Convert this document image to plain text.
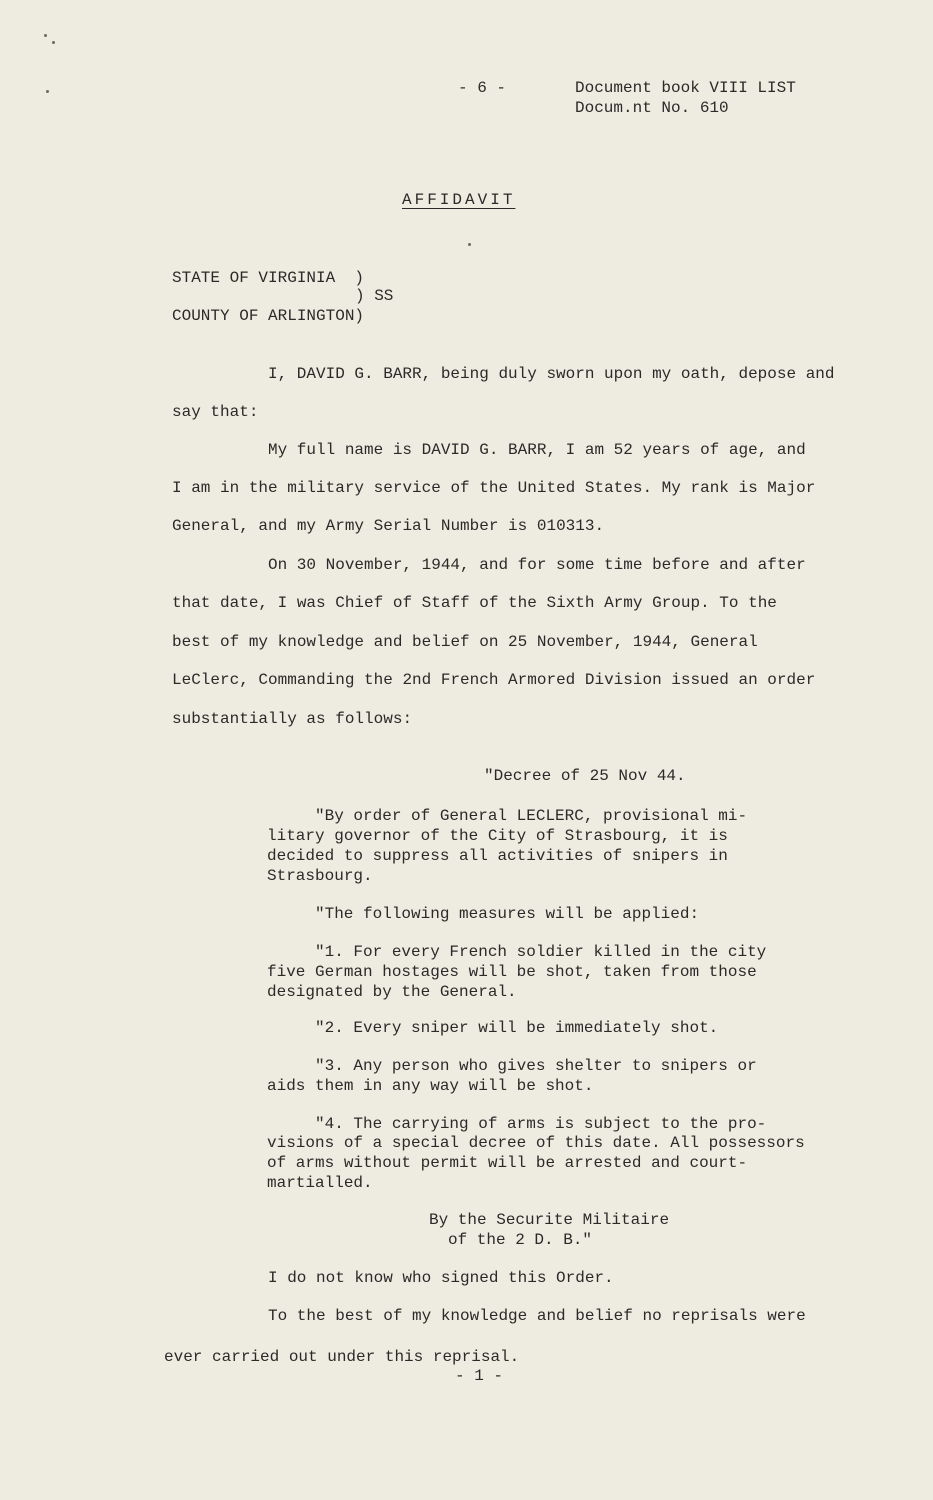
- 6 -	Document book VIII LIST
Docum.nt No. 610
AFFIDAVIT
STATE OF VIRGINIA  )
) SS
COUNTY OF ARLINGTON)
I, DAVID G. BARR, being duly sworn upon my oath, depose and
say that:
My full name is DAVID G. BARR, I am 52 years of age, and
I am in the military service of the United States. My rank is Major
General, and my Army Serial Number is 010313.
On 30 November, 1944, and for some time before and after
that date, I was Chief of Staff of the Sixth Army Group. To the
best of my knowledge and belief on 25 November, 1944, General
LeClerc, Commanding the 2nd French Armored Division issued an order
substantially as follows:
"Decree of 25 Nov 44.
"By order of General LECLERC, provisional mi-
litary governor of the City of Strasbourg, it is
decided to suppress all activities of snipers in
Strasbourg.
"The following measures will be applied:
"1. For every French soldier killed in the city
five German hostages will be shot, taken from those
designated by the General.
"2. Every sniper will be immediately shot.
"3. Any person who gives shelter to snipers or
aids them in any way will be shot.
"4. The carrying of arms is subject to the pro-
visions of a special decree of this date. All possessors
of arms without permit will be arrested and court-
martialled.
By the Securite Militaire
of the 2 D. B."
I do not know who signed this Order.
To the best of my knowledge and belief no reprisals were
ever carried out under this reprisal.
- 1 -
